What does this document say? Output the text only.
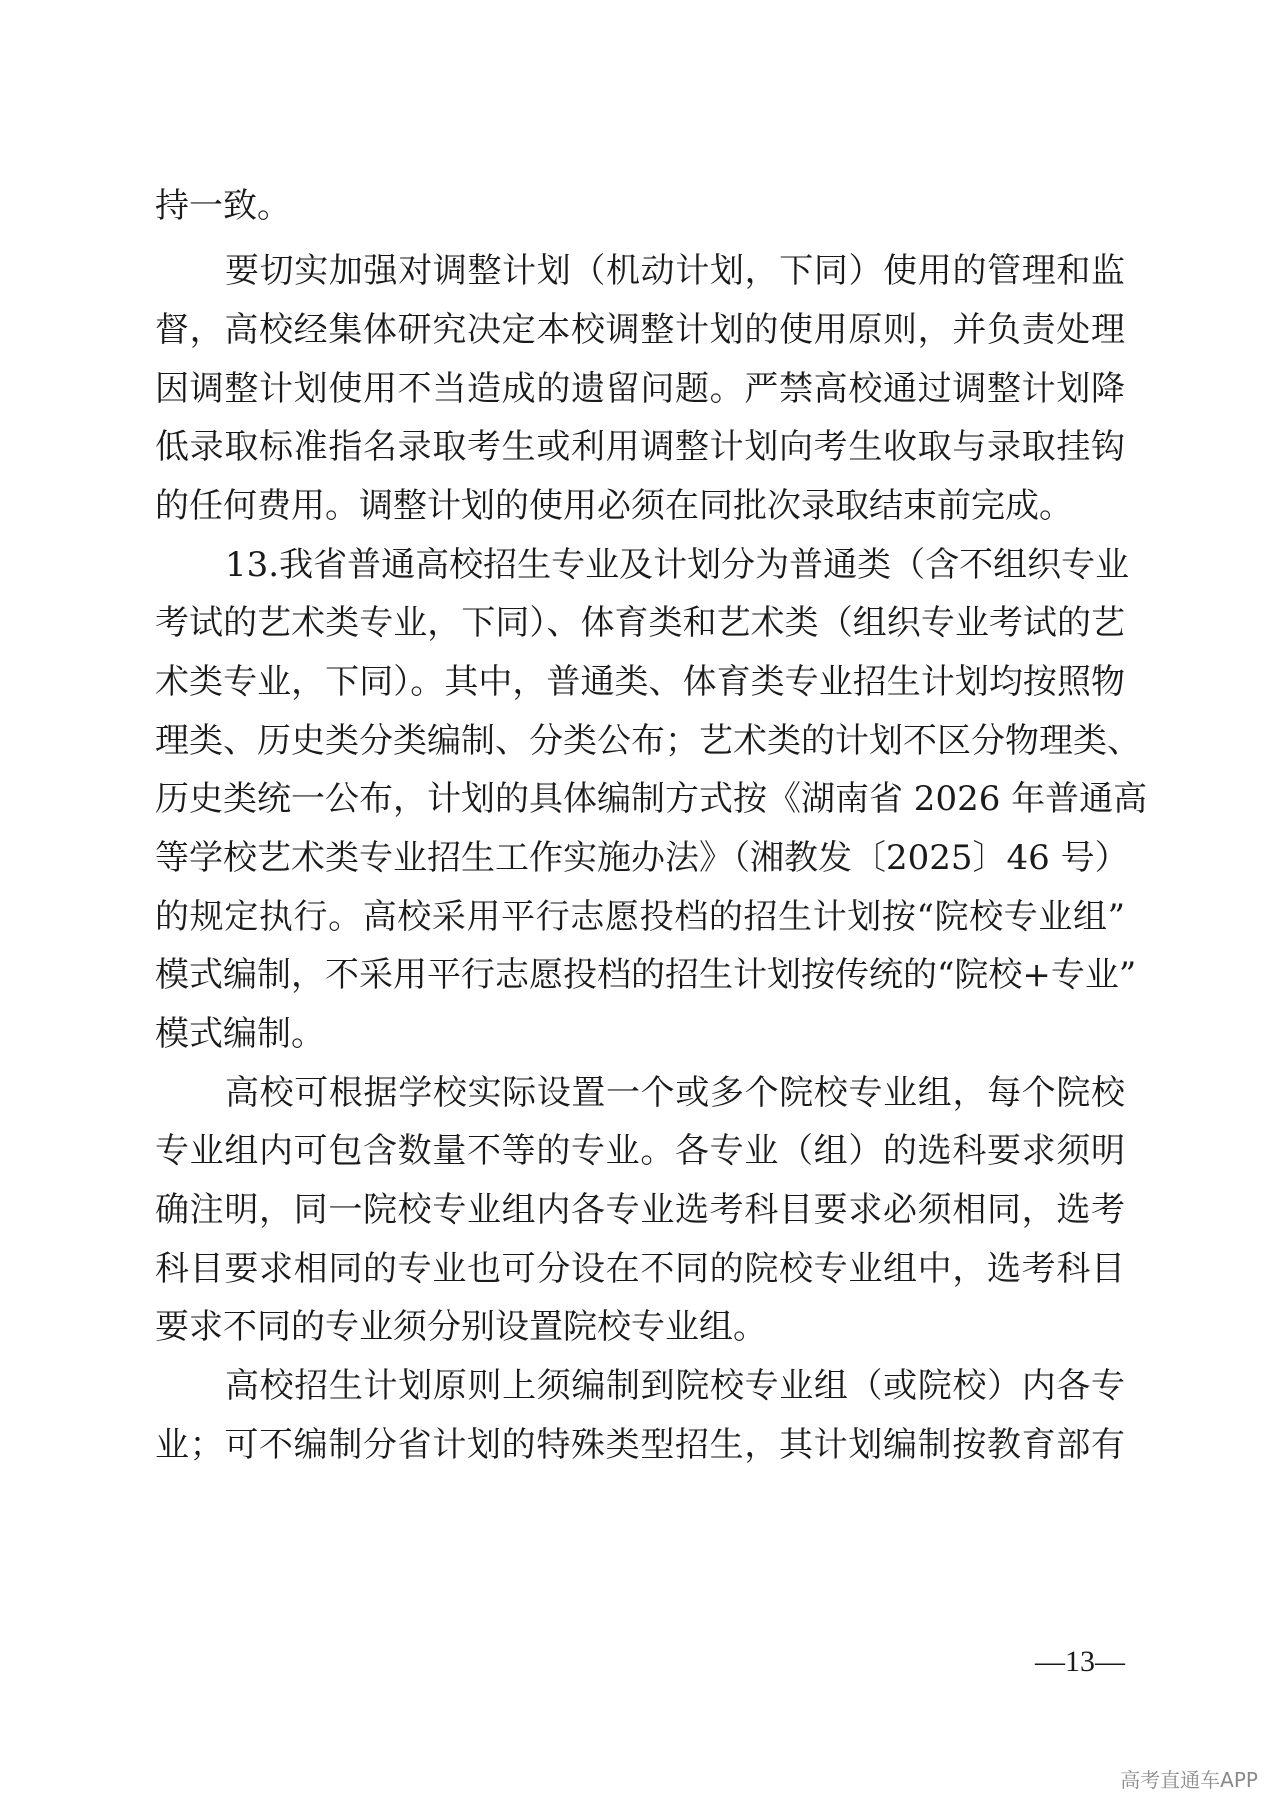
持一致。

要切实加强对调整计划（机动计划，下同）使用的管理和监

督，高校经集体研究决定本校调整计划的使用原则，并负责处理

因调整计划使用不当造成的遗留问题。严禁高校通过调整计划降

低录取标准指名录取考生或利用调整计划向考生收取与录取挂钩

的任何费用。调整计划的使用必须在同批次录取结束前完成。

13.我省普通高校招生专业及计划分为普通类（含不组织专业

考试的艺术类专业，下同）、体育类和艺术类（组织专业考试的艺

术类专业，下同）。其中，普通类、体育类专业招生计划均按照物

理类、历史类分类编制、分类公布；艺术类的计划不区分物理类、

历史类统一公布，计划的具体编制方式按《湖南省 2026 年普通高

等学校艺术类专业招生工作实施办法》（湘教发〔2025〕46 号）

的规定执行。高校采用平行志愿投档的招生计划按“院校专业组”

模式编制，不采用平行志愿投档的招生计划按传统的“院校+专业”

模式编制。

高校可根据学校实际设置一个或多个院校专业组，每个院校

专业组内可包含数量不等的专业。各专业（组）的选科要求须明

确注明，同一院校专业组内各专业选考科目要求必须相同，选考

科目要求相同的专业也可分设在不同的院校专业组中，选考科目

要求不同的专业须分别设置院校专业组。

高校招生计划原则上须编制到院校专业组（或院校）内各专

业；可不编制分省计划的特殊类型招生，其计划编制按教育部有

—13—

高考直通车APP
